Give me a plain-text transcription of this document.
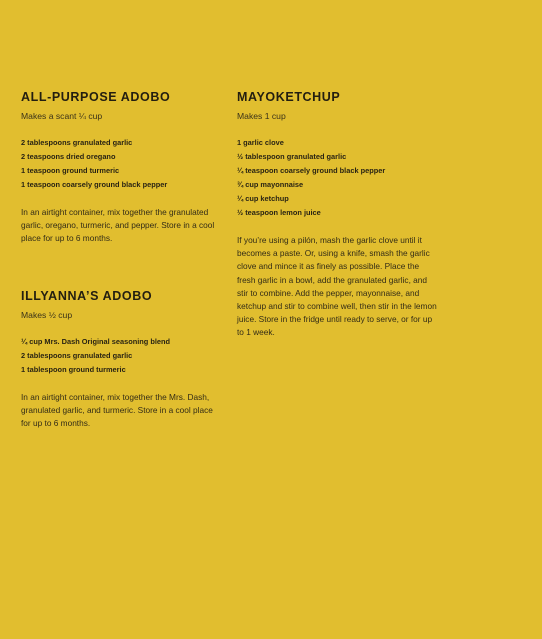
ALL-PURPOSE ADOBO

Makes a scant ¼ cup

2 tablespoons granulated garlic
2 teaspoons dried oregano
1 teaspoon ground turmeric
1 teaspoon coarsely ground black pepper

In an airtight container, mix together the granulated garlic, oregano, turmeric, and pepper. Store in a cool place for up to 6 months.

ILLYANNA’S ADOBO

Makes ½ cup

¼ cup Mrs. Dash Original seasoning blend
2 tablespoons granulated garlic
1 tablespoon ground turmeric

In an airtight container, mix together the Mrs. Dash, granulated garlic, and turmeric. Store in a cool place for up to 6 months.

MAYOKETCHUP

Makes 1 cup

1 garlic clove
½ tablespoon granulated garlic
¼ teaspoon coarsely ground black pepper
¾ cup mayonnaise
¼ cup ketchup
½ teaspoon lemon juice

If you’re using a pilón, mash the garlic clove until it becomes a paste. Or, using a knife, smash the garlic clove and mince it as finely as possible. Place the fresh garlic in a bowl, add the granulated garlic, and stir to combine. Add the pepper, mayonnaise, and ketchup and stir to combine well, then stir in the lemon juice. Store in the fridge until ready to serve, or for up to 1 week.
